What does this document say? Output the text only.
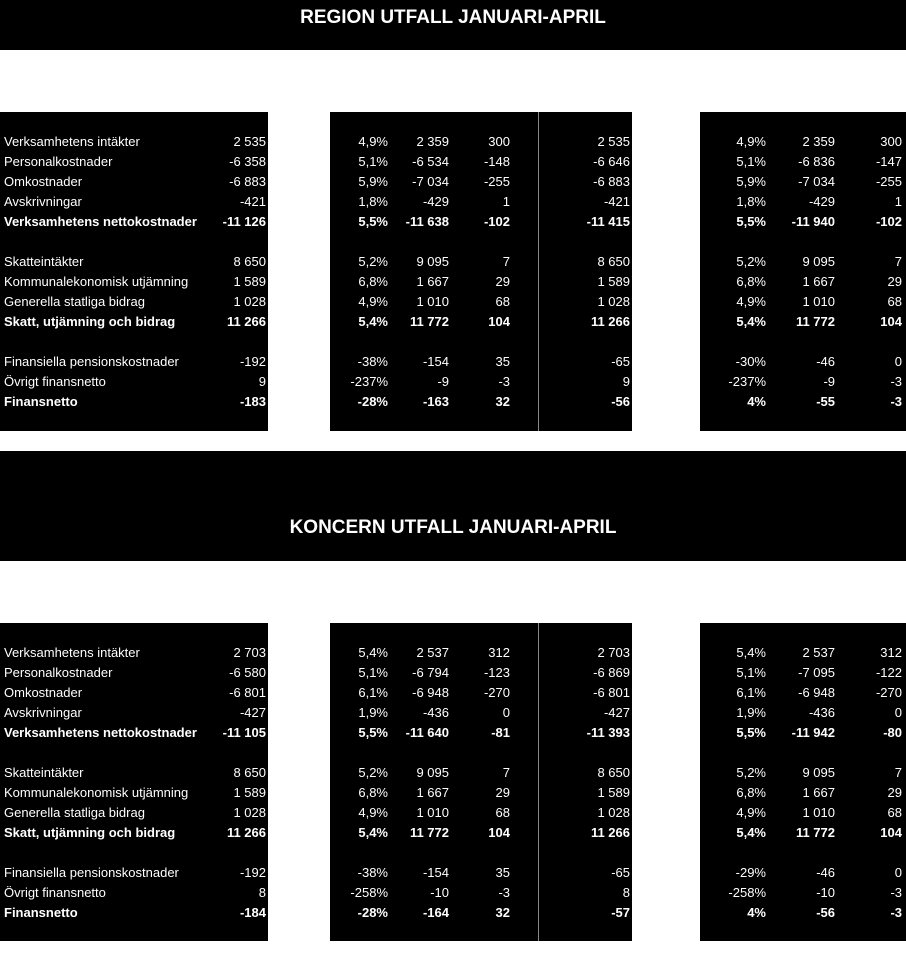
REGION UTFALL JANUARI-APRIL
Verksamhetens intäkter	2 535	4,9% 2 359	300	2 535	4,9%	2 359	300
Personalkostnader	-6 358	5,1% -6 534	-148	-6 646	5,1% -6 836	-147
Omkostnader	-6 883	5,9% -7 034	-255	-6 883	5,9% -7 034	-255
Avskrivningar	-421	1,8%	-429	1	-421	1,8%	-429	1
Verksamhetens nettokostnader -11 126	5,5% -11 638	-102	-11 415	5,5% -11 940	-102
Skatteintäkter	8 650	5,2% 9 095	7	8 650	5,2%	9 095	7
Kommunalekonomisk utjämning	1 589	6,8% 1 667	29	1 589	6,8%	1 667	29
Generella statliga bidrag	1 028	4,9% 1 010	68	1 028	4,9%	1 010	68
Skatt, utjämning och bidrag	11 266	5,4% 11 772	104	11 266	5,4% 11 772	104
Finansiella pensionskostnader	-192	-38%	-154	35	-65	-30%	-46	0
Övrigt finansnetto	9	-237%	-9	-3	9	-237%	-9	-3
Finansnetto	-183	-28%	-163	32	-56	4%	-55	-3
KONCERN UTFALL JANUARI-APRIL
Verksamhetens intäkter	2 703	5,4% 2 537	312	2 703	5,4%	2 537	312
Personalkostnader	-6 580	5,1% -6 794	-123	-6 869	5,1% -7 095	-122
Omkostnader	-6 801	6,1% -6 948	-270	-6 801	6,1% -6 948	-270
Avskrivningar	-427	1,9%	-436	0	-427	1,9%	-436	0
Verksamhetens nettokostnader -11 105	5,5% -11 640	-81	-11 393	5,5% -11 942	-80
Skatteintäkter	8 650	5,2% 9 095	7	8 650	5,2%	9 095	7
Kommunalekonomisk utjämning	1 589	6,8% 1 667	29	1 589	6,8%	1 667	29
Generella statliga bidrag	1 028	4,9% 1 010	68	1 028	4,9%	1 010	68
Skatt, utjämning och bidrag	11 266	5,4% 11 772	104	11 266	5,4% 11 772	104
Finansiella pensionskostnader	-192	-38%	-154	35	-65	-29%	-46	0
Övrigt finansnetto	8	-258%	-10	-3	8	-258%	-10	-3
Finansnetto	-184	-28%	-164	32	-57	4%	-56	-3
